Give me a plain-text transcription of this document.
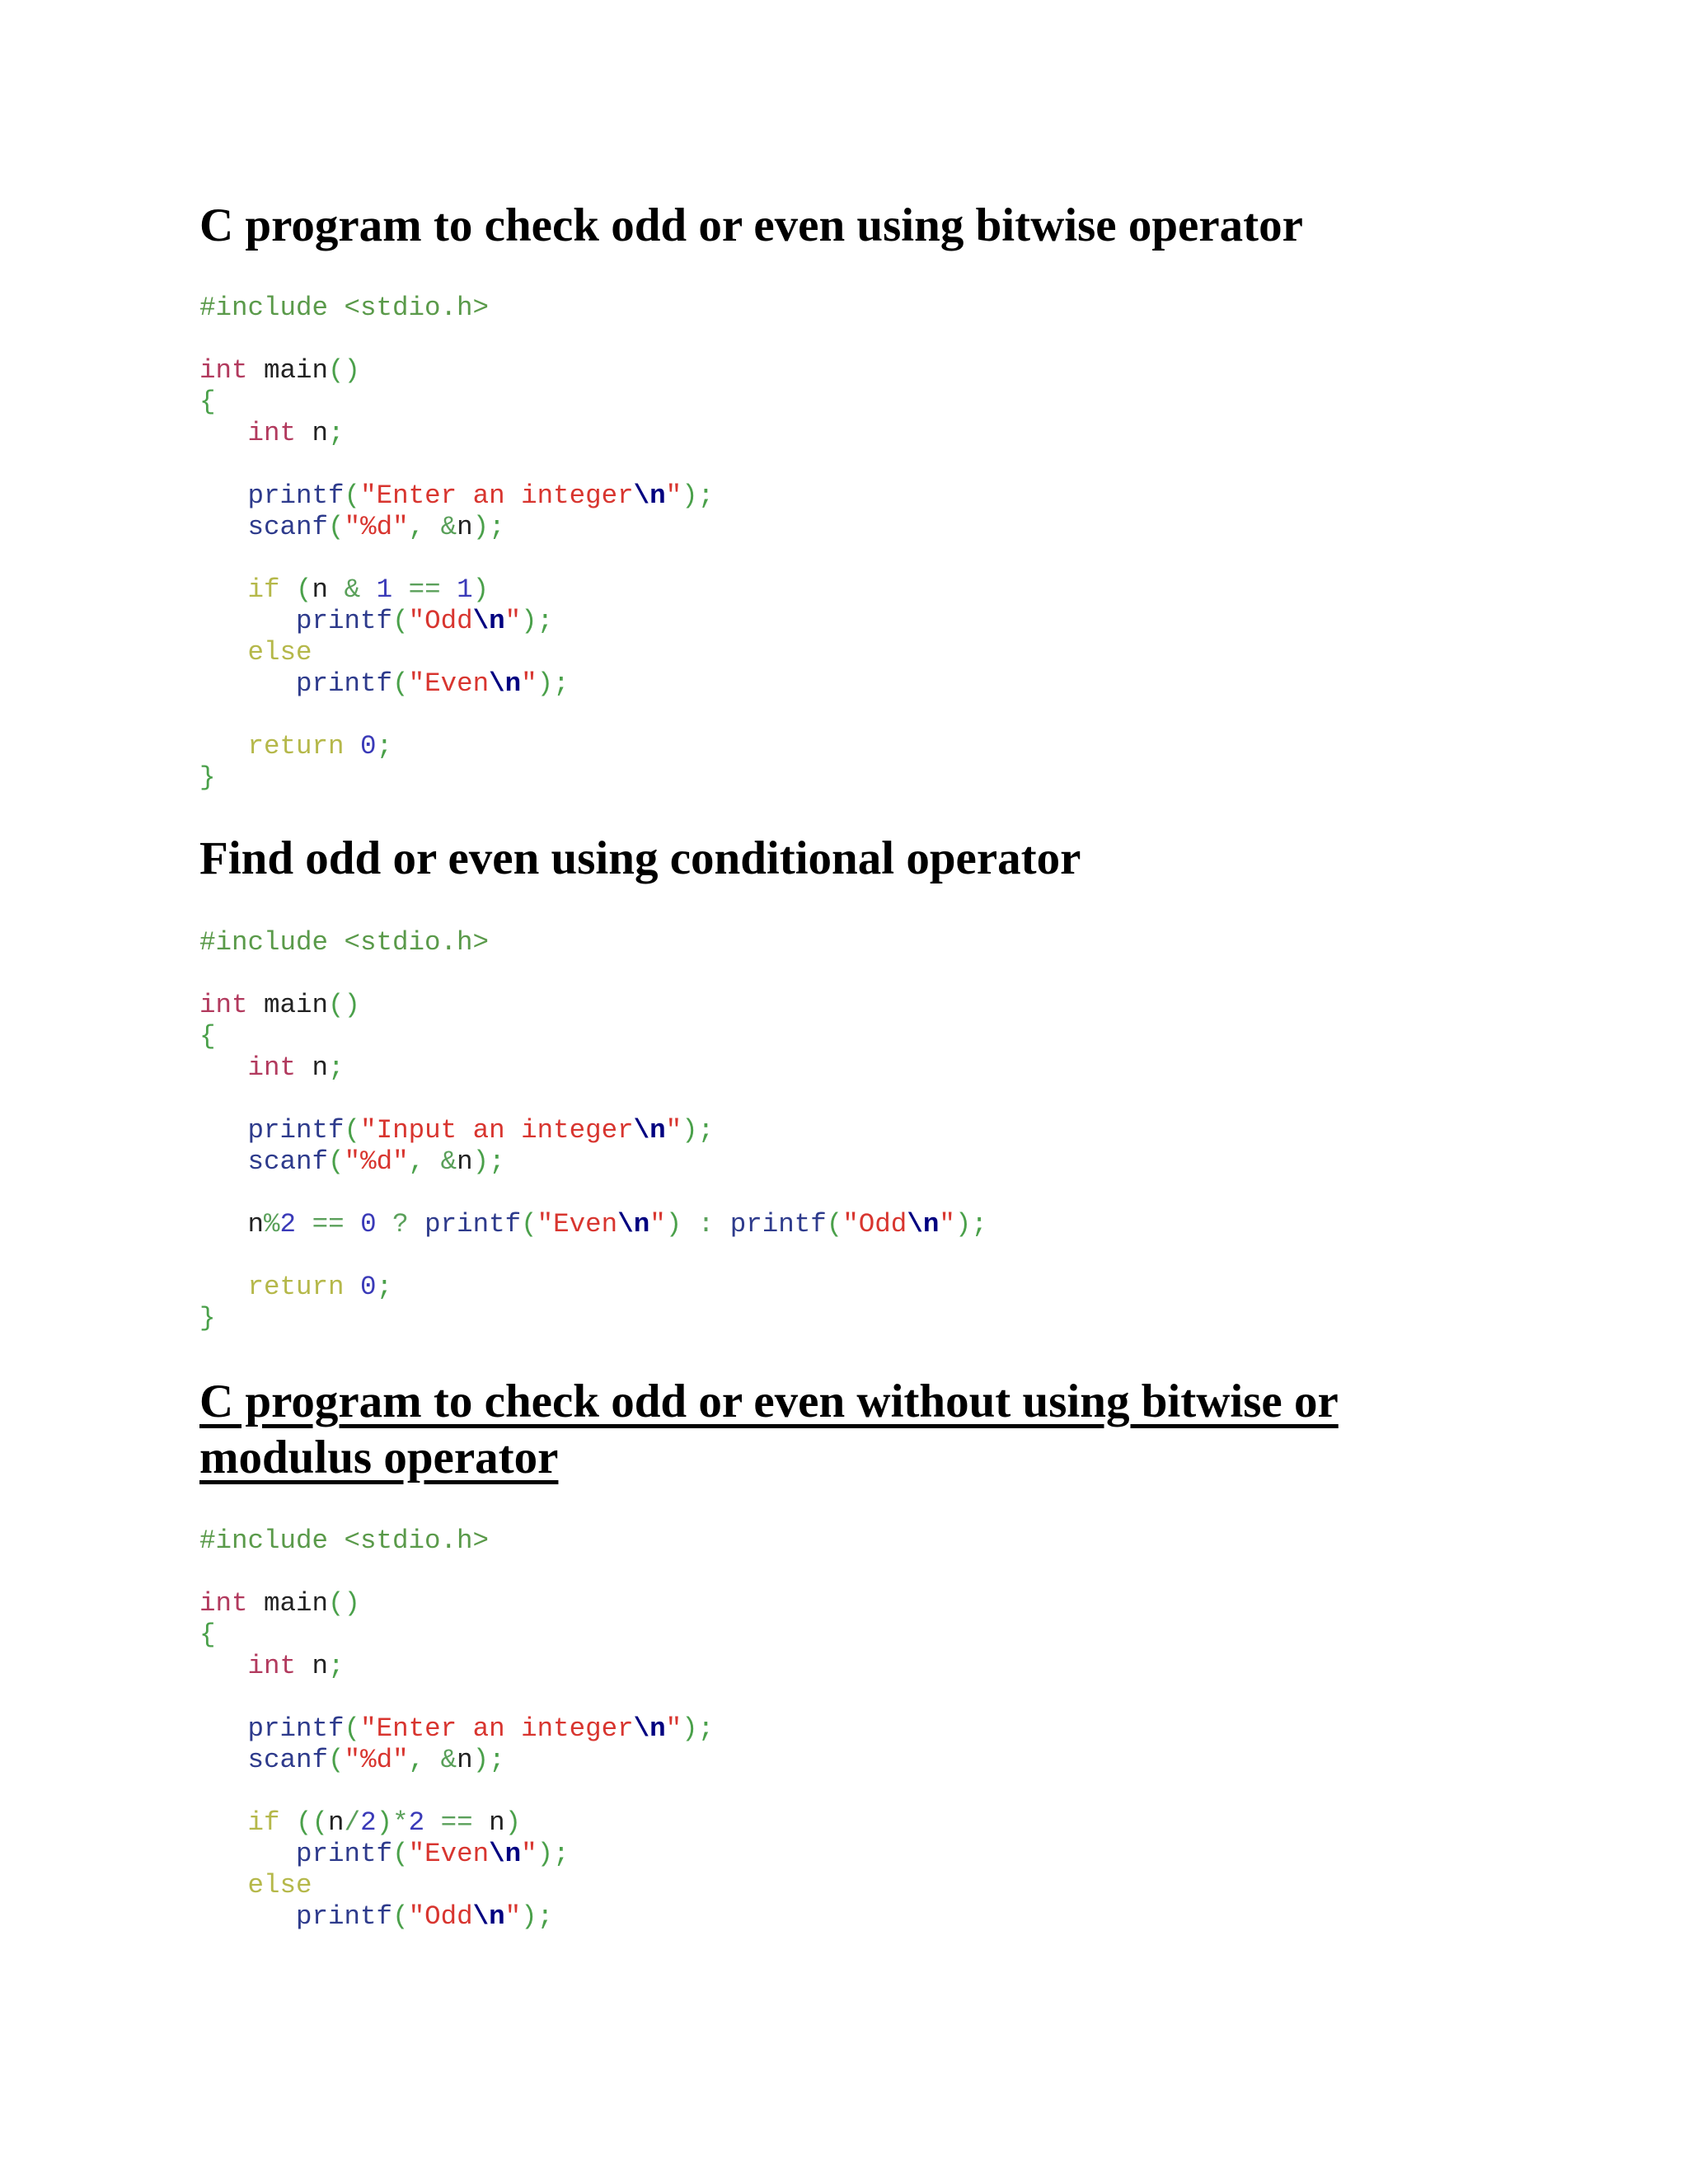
C program to check odd or even using bitwise operator
#include <stdio.h>
int main()
{
int n;
printf("Enter an integer\n");
scanf("%d", &n);
if (n & 1 == 1)
printf("Odd\n");
else
printf("Even\n");
return 0;
}
Find odd or even using conditional operator
#include <stdio.h>
int main()
{
int n;
printf("Input an integer\n");
scanf("%d", &n);
n%2 == 0 ? printf("Even\n") : printf("Odd\n");
return 0;
}
C program to check odd or even without using bitwise or
modulus operator
#include <stdio.h>
int main()
{
int n;
printf("Enter an integer\n");
scanf("%d", &n);
if ((n/2)*2 == n)
printf("Even\n");
else
printf("Odd\n");
